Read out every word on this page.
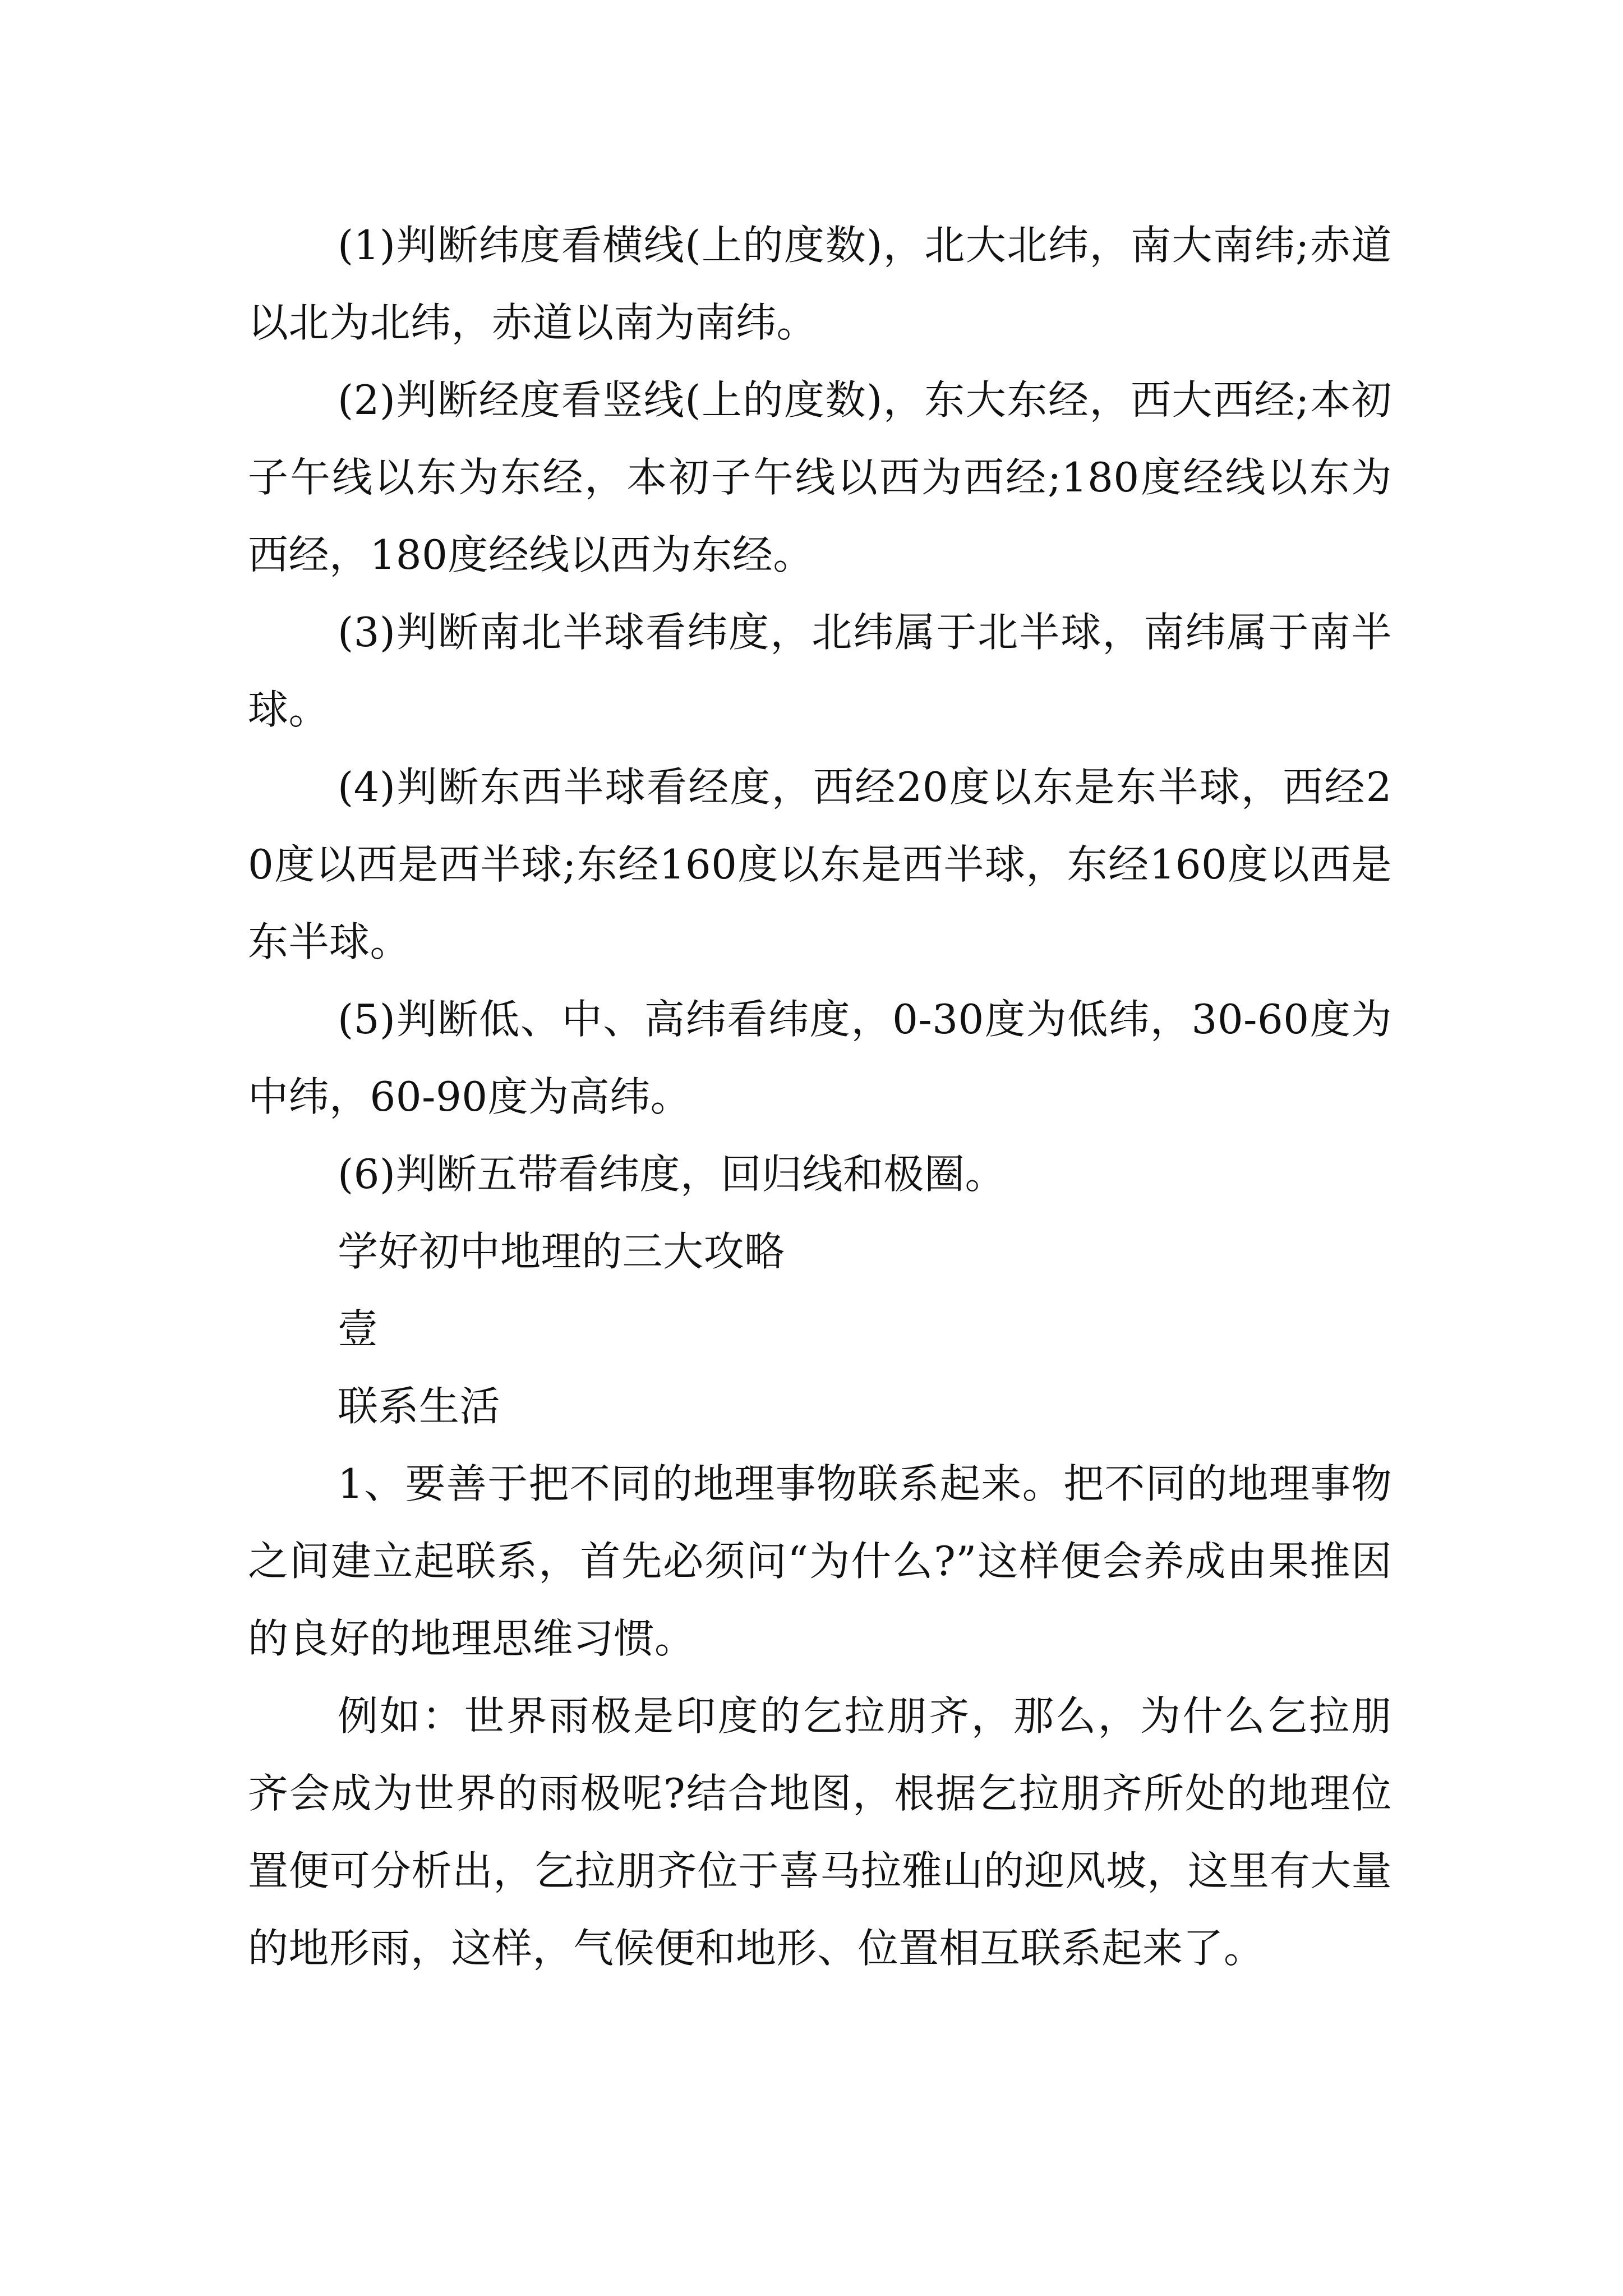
(1)判断纬度看横线(上的度数)，北大北纬，南大南纬;赤道以北为北纬，赤道以南为南纬。

(2)判断经度看竖线(上的度数)，东大东经，西大西经;本初子午线以东为东经，本初子午线以西为西经;180度经线以东为西经，180度经线以西为东经。

(3)判断南北半球看纬度，北纬属于北半球，南纬属于南半球。

(4)判断东西半球看经度，西经20度以东是东半球，西经20度以西是西半球;东经160度以东是西半球，东经160度以西是东半球。

(5)判断低、中、高纬看纬度，0-30度为低纬，30-60度为中纬，60-90度为高纬。

(6)判断五带看纬度，回归线和极圈。

学好初中地理的三大攻略

壹

联系生活

1、要善于把不同的地理事物联系起来。把不同的地理事物之间建立起联系，首先必须问“为什么?”这样便会养成由果推因的良好的地理思维习惯。

例如：世界雨极是印度的乞拉朋齐，那么，为什么乞拉朋齐会成为世界的雨极呢?结合地图，根据乞拉朋齐所处的地理位置便可分析出，乞拉朋齐位于喜马拉雅山的迎风坡，这里有大量的地形雨，这样，气候便和地形、位置相互联系起来了。
